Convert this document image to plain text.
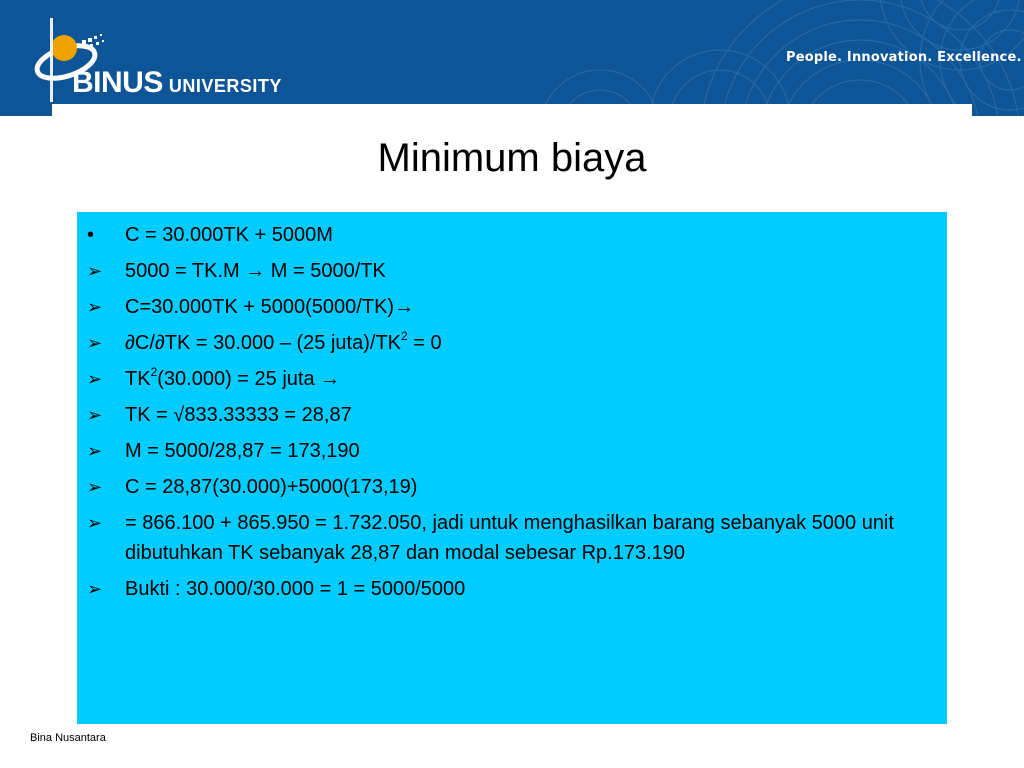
BINUS UNIVERSITY
People. Innovation. Excellence.
Minimum biaya
•	C = 30.000TK + 5000M
➢	5000 = TK.M → M = 5000/TK
➢	C=30.000TK + 5000(5000/TK)→
➢	∂C/∂TK = 30.000 – (25 $juta)/TK^2 = 0$
➢	$TK^2(30.000) = 25$ juta →
➢	TK = √833.33333 = 28,87
➢	M = 5000/28,87 = 173,190
➢	C = 28,87(30.000)+5000(173,19)
➢	= 866.100 + 865.950 = 1.732.050, jadi untuk menghasilkan barang sebanyak 5000 unit dibutuhkan TK sebanyak 28,87 dan modal sebesar Rp.173.190
➢	Bukti : 30.000/30.000 = 1 = 5000/5000
Bina Nusantara
